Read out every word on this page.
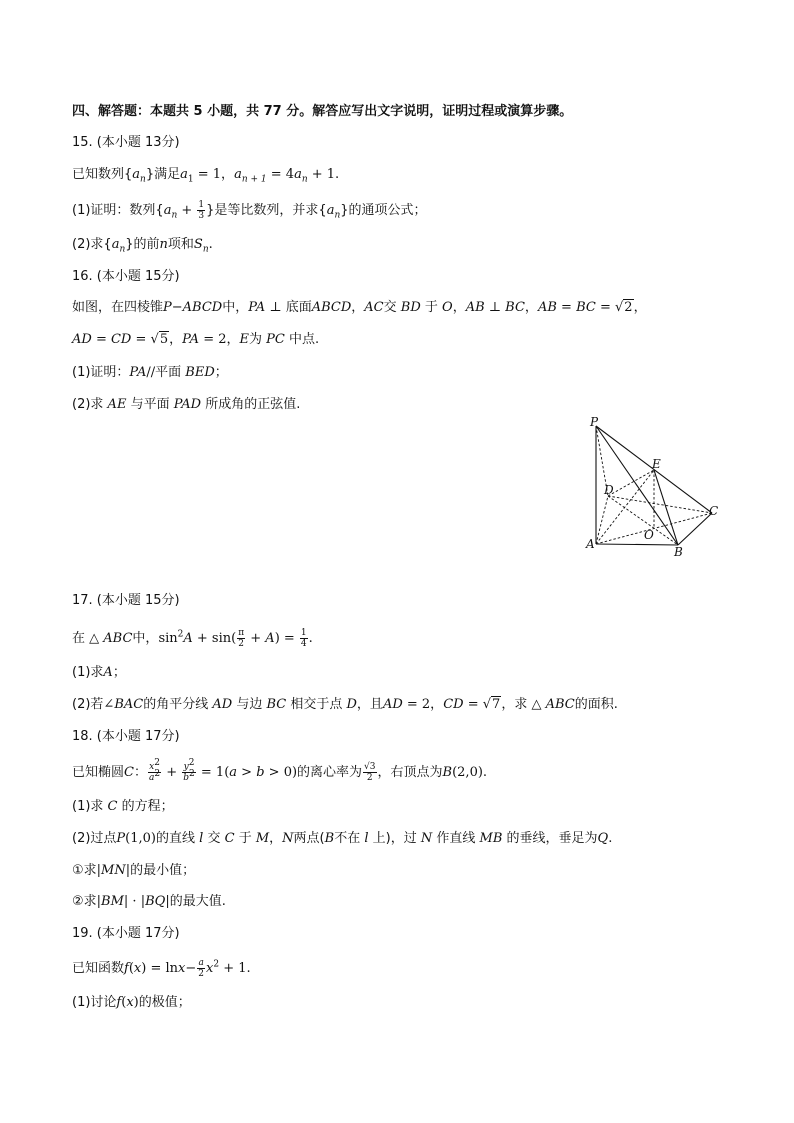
四、解答题：本题共 5 小题，共 77 分。解答应写出文字说明，证明过程或演算步骤。
15. (本小题 13分)
已知数列$\{a_n\}$满足$a_1 = 1$，$a_{n + 1} = 4a_n + 1$.
(1)证明：数列{$a_n + \frac{1}{3}$ }是等比数列，并求$\{a_n\}$的通项公式；
(2)求$\{a_n\}$的前n项和$S_n$.
16. (本小题 15分)
如图，在四棱锥P−ABCD中，PA ⊥ 底面ABCD，AC交 BD 于 O，AB ⊥ BC，AB = BC = √2，
AD = CD = √5，PA = 2，E为 PC 中点.
(1)证明：PA//平面 BED；
(2)求 AE 与平面 PAD 所成角的正弦值.
P
E
D
C
A
O
B
17. (本小题 15分)
在 △ ABC中，$\sin^2A + \sin( \frac{\pi}{2} + A) = \frac{1}{4}$ .
(1)求A；
(2)若∠BAC的角平分线 AD 与边 BC 相交于点 D，且AD = 2，CD = √7，求 △ ABC的面积.
18. (本小题 17分)
已知椭圆C： $\frac{x^2}{a^2} + \frac{y^2}{b^2} = 1(a > b > 0)$的离心率为 $\frac{√3}{2}$ ，右顶点为B(2,0).
(1)求 C 的方程；
(2)过点P(1,0)的直线 l 交 C 于 M，N两点(B不在 l 上)，过 N 作直线 MB 的垂线，垂足为Q.
①求|MN|的最小值；
②求|BM| · |BQ|的最大值.
19. (本小题 17分)
已知函数$f(x) = \ln x- \frac{a}{2} x^2 + 1$.
(1)讨论f(x)的极值；
